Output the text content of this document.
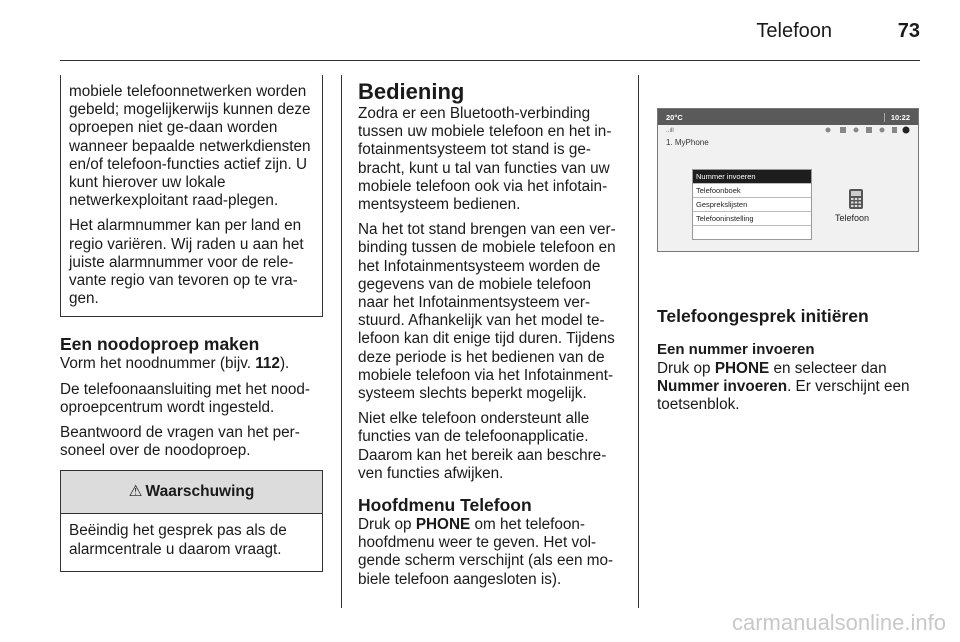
Telefoon	73

mobiele telefoonnetwerken worden gebeld; mogelijkerwijs kunnen deze oproepen niet ge-daan worden wanneer bepaalde netwerkdiensten en/of telefoon-functies actief zijn. U kunt hierover uw lokale netwerkexploitant raad-plegen.

Het alarmnummer kan per land en regio variëren. Wij raden u aan het juiste alarmnummer voor de rele-vante regio van tevoren op te vra-gen.

Een noodoproep maken

Vorm het noodnummer (bijv. 112).

De telefoonaansluiting met het nood-oproepcentrum wordt ingesteld.

Beantwoord de vragen van het per-soneel over de noodoproep.

⚠ Waarschuwing
Beëindig het gesprek pas als de alarmcentrale u daarom vraagt.
Bediening

Zodra er een Bluetooth-verbinding tussen uw mobiele telefoon en het in-fotainmentsysteem tot stand is ge-bracht, kunt u tal van functies van uw mobiele telefoon ook via het infotain-mentsysteem bedienen.

Na het tot stand brengen van een ver-binding tussen de mobiele telefoon en het Infotainmentsysteem worden de gegevens van de mobiele telefoon naar het Infotainmentsysteem ver-stuurd. Afhankelijk van het model te-lefoon kan dit enige tijd duren. Tijdens deze periode is het bedienen van de mobiele telefoon via het Infotainment-systeem slechts beperkt mogelijk.

Niet elke telefoon ondersteunt alle functies van de telefoonapplicatie. Daarom kan het bereik aan beschre-ven functies afwijken.

Hoofdmenu Telefoon

Druk op PHONE om het telefoon-hoofdmenu weer te geven. Het vol-gende scherm verschijnt (als een mo-biele telefoon aangesloten is).

20°C	10:22
..ıll
1. MyPhone
Nummer invoeren
Telefoonboek
Gesprekslijsten
Telefooninstelling	Telefoon
Telefoongesprek initiëren
Een nummer invoeren

Druk op PHONE en selecteer dan Nummer invoeren. Er verschijnt een toetsenblok.

carmanualsonline.info
